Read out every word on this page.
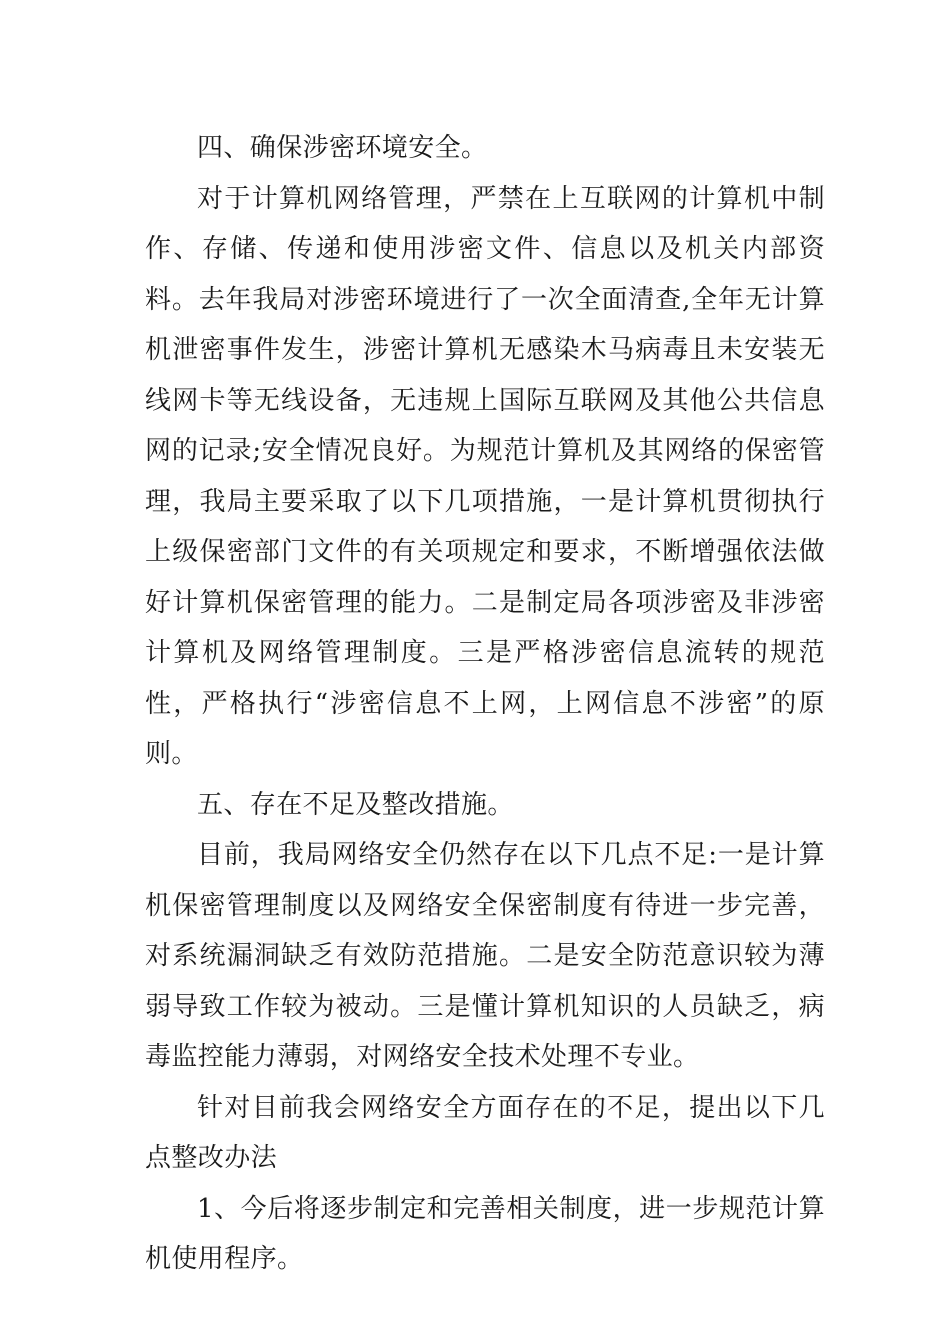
四、确保涉密环境安全。

对于计算机网络管理，严禁在上互联网的计算机中制作、存储、传递和使用涉密文件、信息以及机关内部资料。去年我局对涉密环境进行了一次全面清查,全年无计算机泄密事件发生，涉密计算机无感染木马病毒且未安装无线网卡等无线设备，无违规上国际互联网及其他公共信息网的记录;安全情况良好。为规范计算机及其网络的保密管理，我局主要采取了以下几项措施，一是计算机贯彻执行上级保密部门文件的有关项规定和要求，不断增强依法做好计算机保密管理的能力。二是制定局各项涉密及非涉密计算机及网络管理制度。三是严格涉密信息流转的规范性，严格执行“涉密信息不上网，上网信息不涉密”的原则。

五、存在不足及整改措施。

目前，我局网络安全仍然存在以下几点不足:一是计算机保密管理制度以及网络安全保密制度有待进一步完善，对系统漏洞缺乏有效防范措施。二是安全防范意识较为薄弱导致工作较为被动。三是懂计算机知识的人员缺乏，病毒监控能力薄弱，对网络安全技术处理不专业。

针对目前我会网络安全方面存在的不足，提出以下几点整改办法

1、今后将逐步制定和完善相关制度，进一步规范计算机使用程序。
